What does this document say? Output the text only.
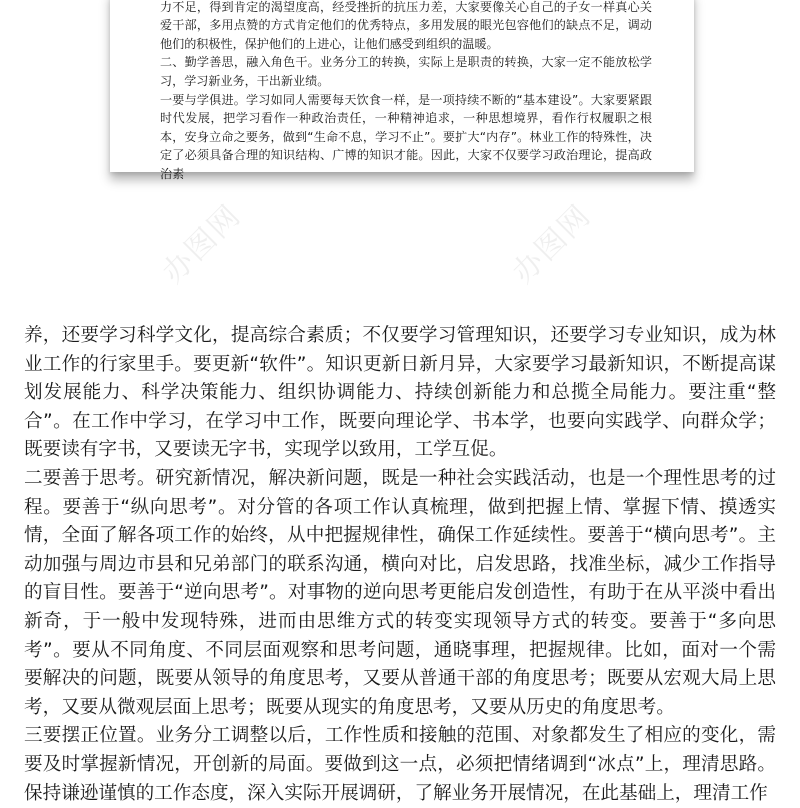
力不足，得到肯定的渴望度高，经受挫折的抗压力差，大家要像关心自己的子女一样真心关爱干部，多用点赞的方式肯定他们的优秀特点，多用发展的眼光包容他们的缺点不足，调动他们的积极性，保护他们的上进心，让他们感受到组织的温暖。

二、勤学善思，融入角色干。业务分工的转换，实际上是职责的转换，大家一定不能放松学习，学习新业务，干出新业绩。

一要与学俱进。学习如同人需要每天饮食一样，是一项持续不断的“基本建设”。大家要紧跟时代发展，把学习看作一种政治责任，一种精神追求，一种思想境界，看作行权履职之根本，安身立命之要务，做到“生命不息，学习不止”。要扩大“内存”。林业工作的特殊性，决定了必须具备合理的知识结构、广博的知识才能。因此，大家不仅要学习政治理论，提高政治素

办图网	办图网

养，还要学习科学文化，提高综合素质；不仅要学习管理知识，还要学习专业知识，成为林业工作的行家里手。要更新“软件”。知识更新日新月异，大家要学习最新知识，不断提高谋划发展能力、科学决策能力、组织协调能力、持续创新能力和总揽全局能力。要注重“整合”。在工作中学习，在学习中工作，既要向理论学、书本学，也要向实践学、向群众学；既要读有字书，又要读无字书，实现学以致用，工学互促。

二要善于思考。研究新情况，解决新问题，既是一种社会实践活动，也是一个理性思考的过程。要善于“纵向思考”。对分管的各项工作认真梳理，做到把握上情、掌握下情、摸透实情，全面了解各项工作的始终，从中把握规律性，确保工作延续性。要善于“横向思考”。主动加强与周边市县和兄弟部门的联系沟通，横向对比，启发思路，找准坐标，减少工作指导的盲目性。要善于“逆向思考”。对事物的逆向思考更能启发创造性，有助于在从平淡中看出新奇，于一般中发现特殊，进而由思维方式的转变实现领导方式的转变。要善于“多向思考”。要从不同角度、不同层面观察和思考问题，通晓事理，把握规律。比如，面对一个需要解决的问题，既要从领导的角度思考，又要从普通干部的角度思考；既要从宏观大局上思考，又要从微观层面上思考；既要从现实的角度思考，又要从历史的角度思考。

三要摆正位置。业务分工调整以后，工作性质和接触的范围、对象都发生了相应的变化，需要及时掌握新情况，开创新的局面。要做到这一点，必须把情绪调到“冰点”上，理清思路。保持谦逊谨慎的工作态度，深入实际开展调研，了解业务开展情况，在此基础上，理清工作
